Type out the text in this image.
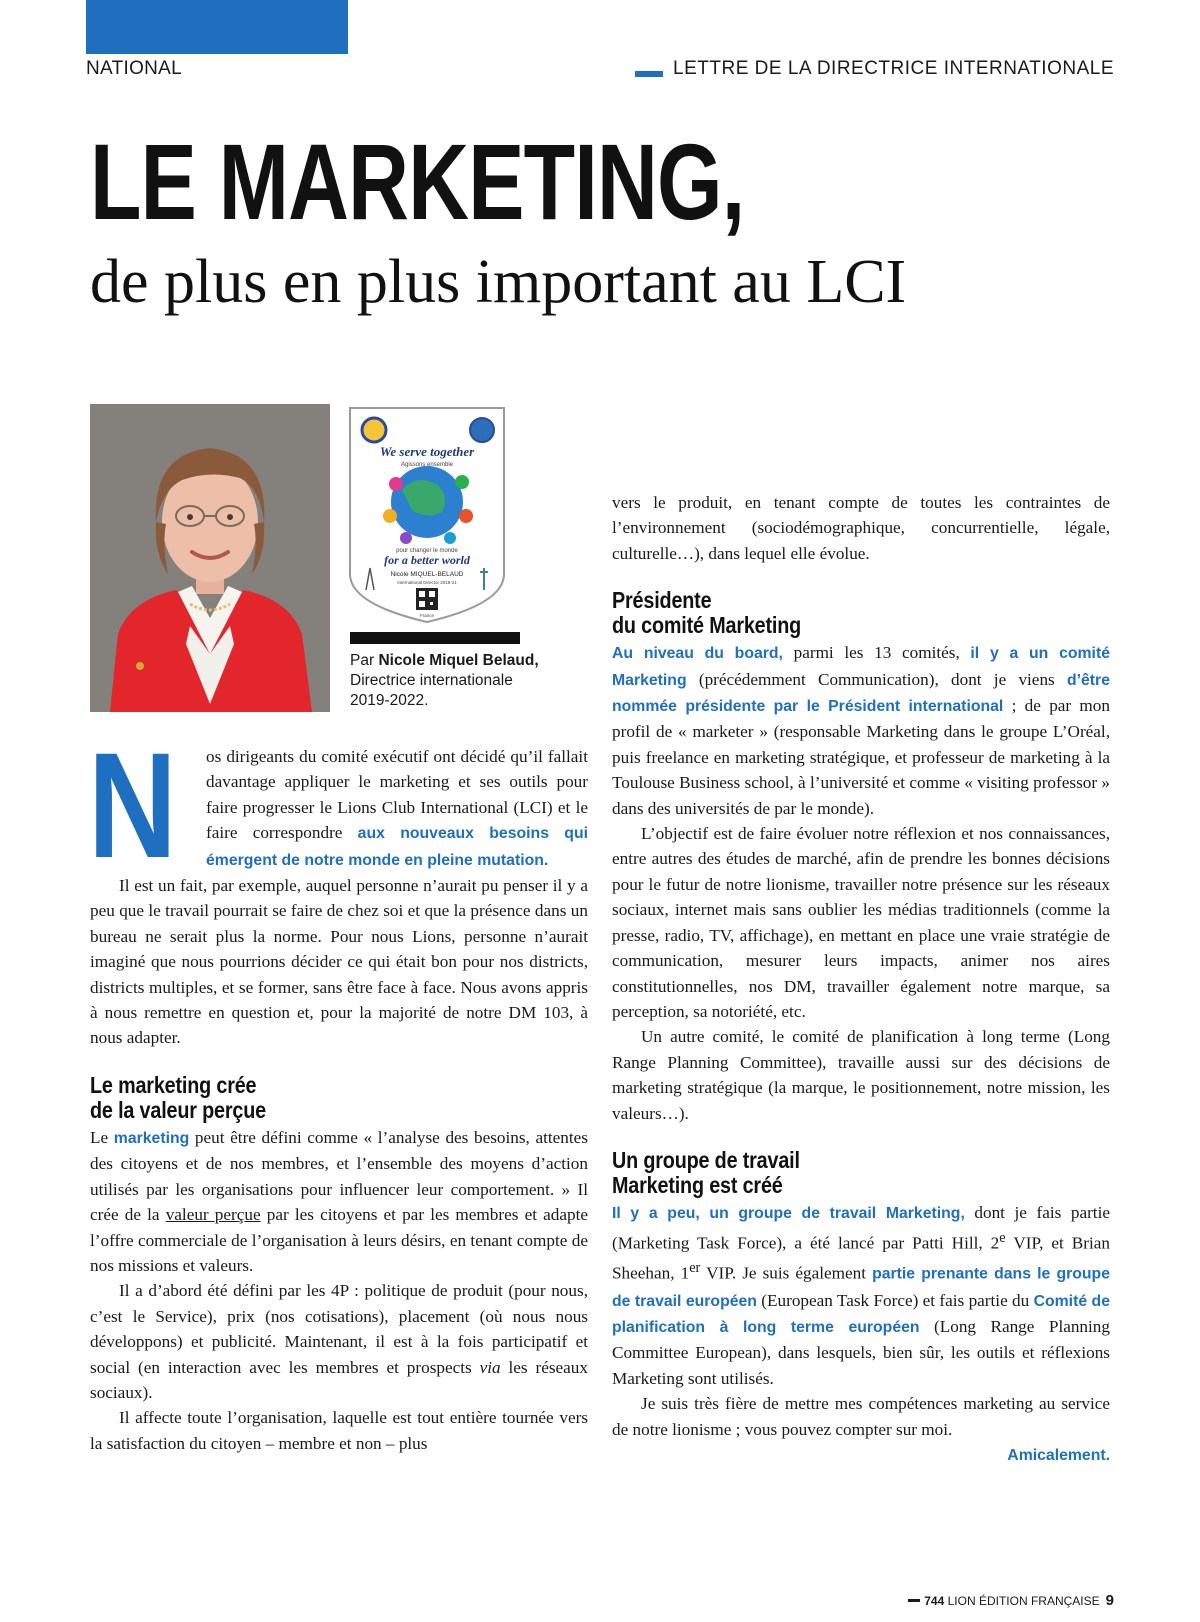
NATIONAL	LETTRE DE LA DIRECTRICE INTERNATIONALE
LE MARKETING,
de plus en plus important au LCI
We serve together
Agissons ensemble
pour changer le monde
for a better world
Nicole MIQUEL-BELAUD
International Director 2019-21
France
Par Nicole Miquel Belaud,
Directrice internationale
2019-2022.

N os dirigeants du comité exécutif ont décidé qu’il fallait davantage appliquer le marketing et ses outils pour faire progresser le Lions Club International (LCI) et le faire correspondre aux nouveaux besoins qui émergent de notre monde en pleine mutation.

Il est un fait, par exemple, auquel personne n’aurait pu penser il y a peu que le travail pourrait se faire de chez soi et que la présence dans un bureau ne serait plus la norme. Pour nous Lions, personne n’aurait imaginé que nous pourrions décider ce qui était bon pour nos districts, districts multiples, et se former, sans être face à face. Nous avons appris à nous remettre en question et, pour la majorité de notre DM 103, à nous adapter.

Le marketing crée
de la valeur perçue

Le marketing peut être défini comme « l’analyse des besoins, attentes des citoyens et de nos membres, et l’ensemble des moyens d’action utilisés par les organisations pour influencer leur comportement. » Il crée de la valeur perçue par les citoyens et par les membres et adapte l’offre commerciale de l’organisation à leurs désirs, en tenant compte de nos missions et valeurs.

Il a d’abord été défini par les 4P : politique de produit (pour nous, c’est le Service), prix (nos cotisations), placement (où nous nous développons) et publicité. Maintenant, il est à la fois participatif et social (en interaction avec les membres et prospects via les réseaux sociaux).

Il affecte toute l’organisation, laquelle est tout entière tournée vers la satisfaction du citoyen – membre et non – plus

vers le produit, en tenant compte de toutes les contraintes de l’environnement (sociodémographique, concurrentielle, légale, culturelle…), dans lequel elle évolue.

Présidente
du comité Marketing

Au niveau du board, parmi les 13 comités, il y a un comité Marketing (précédemment Communication), dont je viens d’être nommée présidente par le Président international ; de par mon profil de « marketer » (responsable Marketing dans le groupe L’Oréal, puis freelance en marketing stratégique, et professeur de marketing à la Toulouse Business school, à l’université et comme « visiting professor » dans des universités de par le monde).

L’objectif est de faire évoluer notre réflexion et nos connaissances, entre autres des études de marché, afin de prendre les bonnes décisions pour le futur de notre lionisme, travailler notre présence sur les réseaux sociaux, internet mais sans oublier les médias traditionnels (comme la presse, radio, TV, affichage), en mettant en place une vraie stratégie de communication, mesurer leurs impacts, animer nos aires constitutionnelles, nos DM, travailler également notre marque, sa perception, sa notoriété, etc.

Un autre comité, le comité de planification à long terme (Long Range Planning Committee), travaille aussi sur des décisions de marketing stratégique (la marque, le positionnement, notre mission, les valeurs…).

Un groupe de travail
Marketing est créé

Il y a peu, un groupe de travail Marketing, dont je fais partie (Marketing Task Force), a été lancé par Patti Hill, 2e VIP, et Brian Sheehan, 1er VIP. Je suis également partie prenante dans le groupe de travail européen (European Task Force) et fais partie du Comité de planification à long terme européen (Long Range Planning Committee European), dans lesquels, bien sûr, les outils et réflexions Marketing sont utilisés.

Je suis très fière de mettre mes compétences marketing au service de notre lionisme ; vous pouvez compter sur moi.

Amicalement.

744
LION ÉDITION FRANÇAISE 9
